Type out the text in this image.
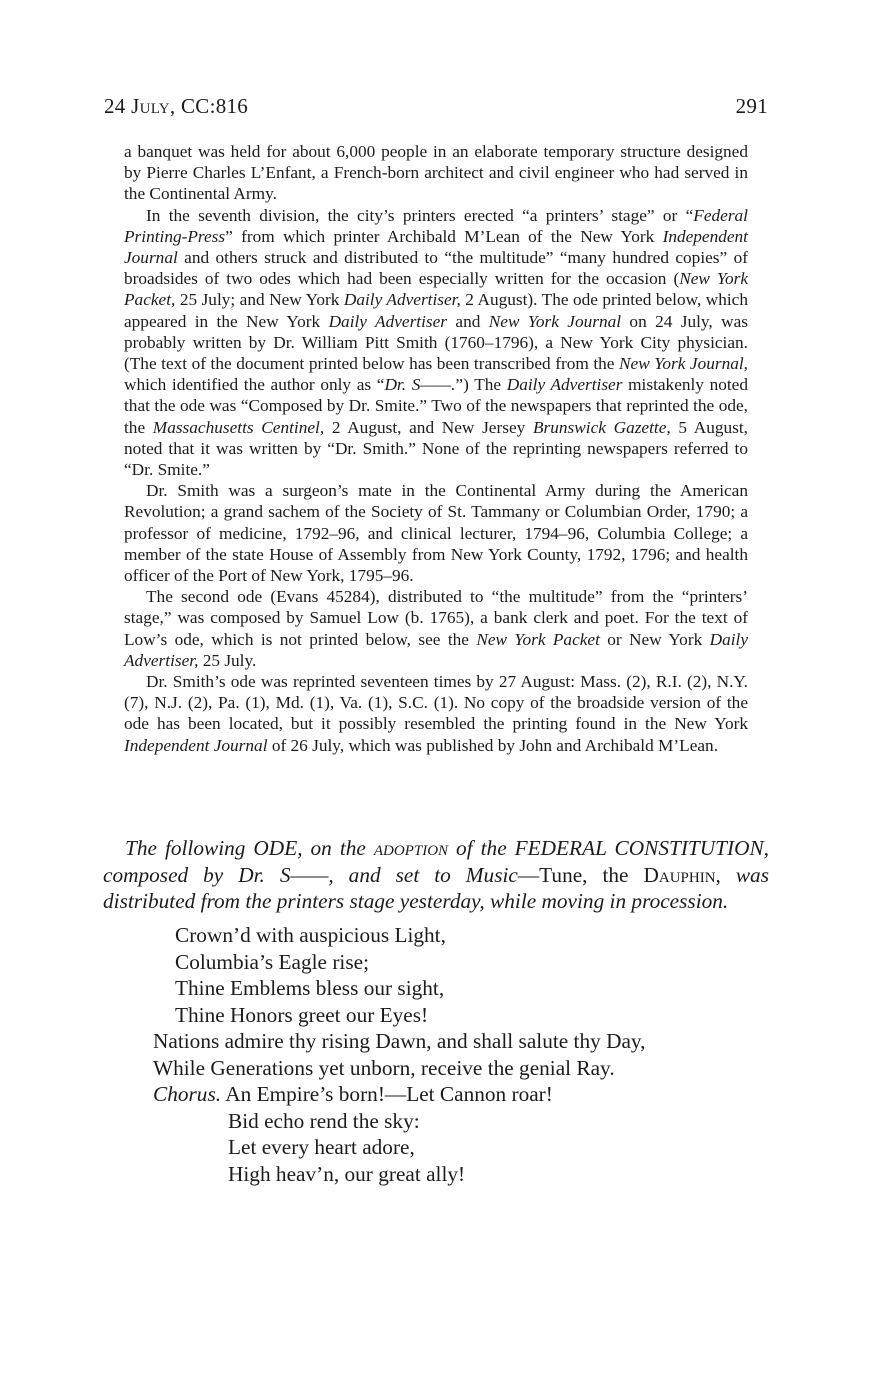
24 July, CC:816	291

a banquet was held for about 6,000 people in an elaborate temporary structure designed by Pierre Charles L’Enfant, a French-born architect and civil engineer who had served in the Continental Army.

In the seventh division, the city’s printers erected “a printers’ stage” or “Federal Printing-Press” from which printer Archibald M’Lean of the New York Independent Journal and others struck and distributed to “the multitude” “many hundred copies” of broadsides of two odes which had been especially written for the occasion (New York Packet, 25 July; and New York Daily Advertiser, 2 August). The ode printed below, which appeared in the New York Daily Advertiser and New York Journal on 24 July, was probably written by Dr. William Pitt Smith (1760–1796), a New York City physician. (The text of the document printed below has been transcribed from the New York Journal, which identified the author only as “Dr. S——.”) The Daily Advertiser mistakenly noted that the ode was “Composed by Dr. Smite.” Two of the newspapers that reprinted the ode, the Massachusetts Centinel, 2 August, and New Jersey Brunswick Gazette, 5 August, noted that it was written by “Dr. Smith.” None of the reprinting newspapers referred to “Dr. Smite.”

Dr. Smith was a surgeon’s mate in the Continental Army during the American Revolution; a grand sachem of the Society of St. Tammany or Columbian Order, 1790; a professor of medicine, 1792–96, and clinical lecturer, 1794–96, Columbia College; a member of the state House of Assembly from New York County, 1792, 1796; and health officer of the Port of New York, 1795–96.

The second ode (Evans 45284), distributed to “the multitude” from the “printers’ stage,” was composed by Samuel Low (b. 1765), a bank clerk and poet. For the text of Low’s ode, which is not printed below, see the New York Packet or New York Daily Advertiser, 25 July.

Dr. Smith’s ode was reprinted seventeen times by 27 August: Mass. (2), R.I. (2), N.Y. (7), N.J. (2), Pa. (1), Md. (1), Va. (1), S.C. (1). No copy of the broadside version of the ode has been located, but it possibly resembled the printing found in the New York Independent Journal of 26 July, which was published by John and Archibald M’Lean.

The following ODE, on the adoption of the FEDERAL CONSTITUTION, composed by Dr. S——, and set to Music—Tune, the Dauphin, was distributed from the printers stage yesterday, while moving in procession.
Crown’d with auspicious Light,
Columbia’s Eagle rise;
Thine Emblems bless our sight,
Thine Honors greet our Eyes!
Nations admire thy rising Dawn, and shall salute thy Day,
While Generations yet unborn, receive the genial Ray.
Chorus. An Empire’s born!—Let Cannon roar!
Bid echo rend the sky:
Let every heart adore,
High heav’n, our great ally!
